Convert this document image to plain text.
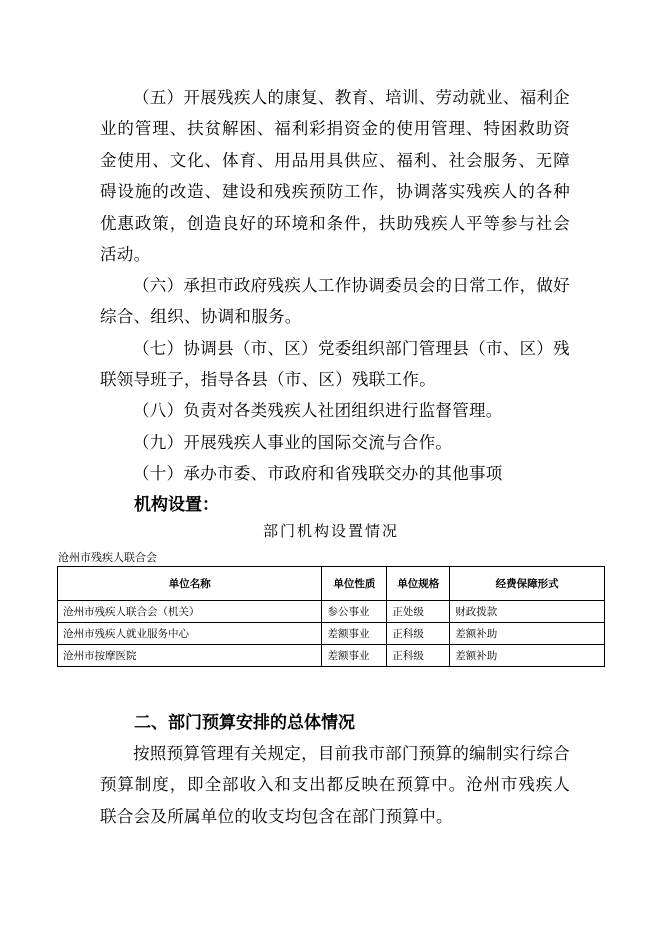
（五）开展残疾人的康复、教育、培训、劳动就业、福利企业的管理、扶贫解困、福利彩捐资金的使用管理、特困救助资金使用、文化、体育、用品用具供应、福利、社会服务、无障碍设施的改造、建设和残疾预防工作，协调落实残疾人的各种优惠政策，创造良好的环境和条件，扶助残疾人平等参与社会活动。

（六）承担市政府残疾人工作协调委员会的日常工作，做好综合、组织、协调和服务。

（七）协调县（市、区）党委组织部门管理县（市、区）残联领导班子，指导各县（市、区）残联工作。

（八）负责对各类残疾人社团组织进行监督管理。

（九）开展残疾人事业的国际交流与合作。

（十）承办市委、市政府和省残联交办的其他事项

机构设置：

部门机构设置情况
沧州市残疾人联合会
单位名称	单位性质	单位规格	经费保障形式
沧州市残疾人联合会（机关）	参公事业	正处级	财政拨款
沧州市残疾人就业服务中心	差额事业	正科级	差额补助
沧州市按摩医院	差额事业	正科级	差额补助

二、部门预算安排的总体情况

按照预算管理有关规定，目前我市部门预算的编制实行综合预算制度，即全部收入和支出都反映在预算中。沧州市残疾人联合会及所属单位的收支均包含在部门预算中。
